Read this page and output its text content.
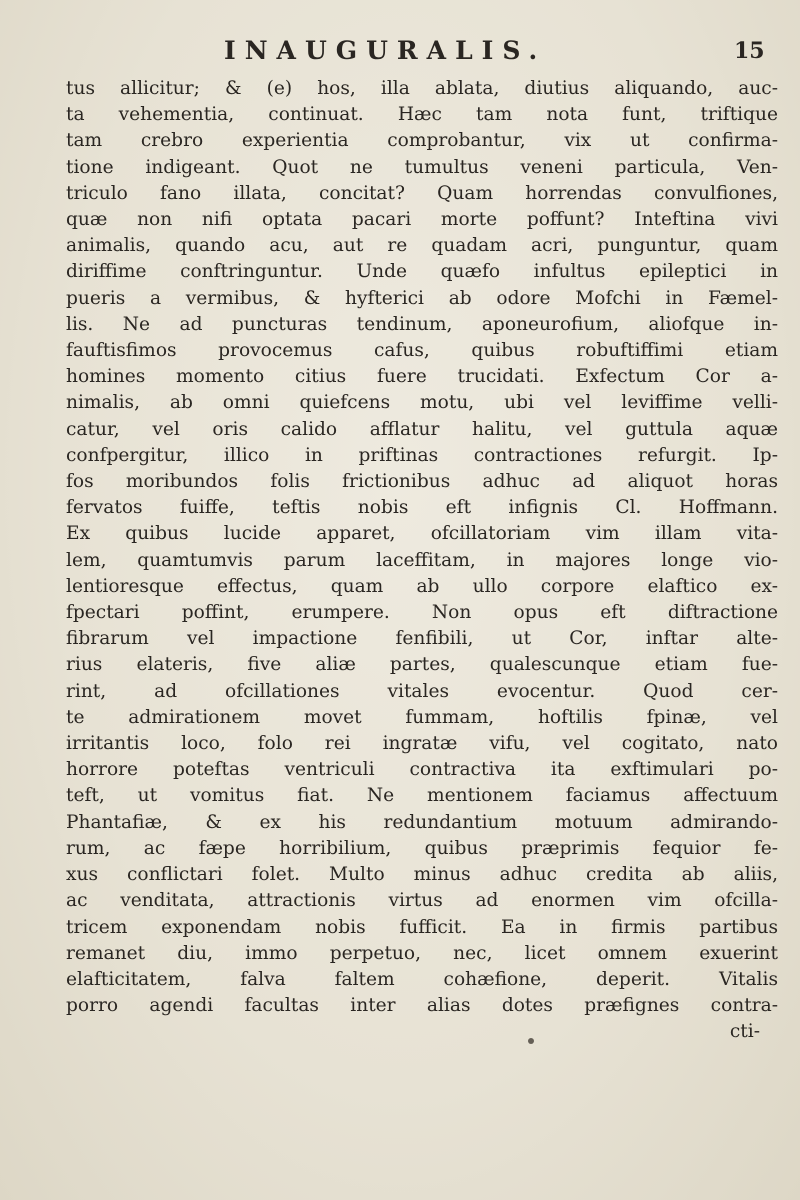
INAUGURALIS.	15
tus allicitur; & (e) hos, illa ablata, diutius aliquando, auc-
ta vehementia, continuat. Hæc tam nota funt, triftique
tam crebro experientia comprobantur, vix ut confirma-
tione indigeant. Quot ne tumultus veneni particula, Ven-
triculo fano illata, concitat? Quam horrendas convulfiones,
quæ non nifi optata pacari morte poffunt? Inteftina vivi
animalis, quando acu, aut re quadam acri, punguntur, quam
diriffime conftringuntur. Unde quæfo infultus epileptici in
pueris a vermibus, & hyfterici ab odore Mofchi in Fæmel-
lis. Ne ad puncturas tendinum, aponeurofium, aliofque in-
fauftisfimos provocemus cafus, quibus robuftiffimi etiam
homines momento citius fuere trucidati. Exfectum Cor a-
nimalis, ab omni quiefcens motu, ubi vel leviffime velli-
catur, vel oris calido afflatur halitu, vel guttula aquæ
confpergitur, illico in priftinas contractiones refurgit. Ip-
fos moribundos folis frictionibus adhuc ad aliquot horas
fervatos fuiffe, teftis nobis eft infignis Cl. Hoffmann.
Ex quibus lucide apparet, ofcillatoriam vim illam vita-
lem, quamtumvis parum laceffitam, in majores longe vio-
lentioresque effectus, quam ab ullo corpore elaftico ex-
fpectari poffint, erumpere. Non opus eft diftractione
fibrarum vel impactione fenfibili, ut Cor, inftar alte-
rius elateris, five aliæ partes, qualescunque etiam fue-
rint, ad ofcillationes vitales evocentur. Quod cer-
te admirationem movet fummam, hoftilis fpinæ, vel
irritantis loco, folo rei ingratæ vifu, vel cogitato, nato
horrore poteftas ventriculi contractiva ita exftimulari po-
teft, ut vomitus fiat. Ne mentionem faciamus affectuum
Phantafiæ, & ex his redundantium motuum admirando-
rum, ac fæpe horribilium, quibus præprimis fequior fe-
xus conflictari folet. Multo minus adhuc credita ab aliis,
ac venditata, attractionis virtus ad enormen vim ofcilla-
tricem exponendam nobis fufficit. Ea in firmis partibus
remanet diu, immo perpetuo, nec, licet omnem exuerint
elafticitatem, falva faltem cohæfione, deperit. Vitalis
porro agendi facultas inter alias dotes præfignes contra-
cti-
